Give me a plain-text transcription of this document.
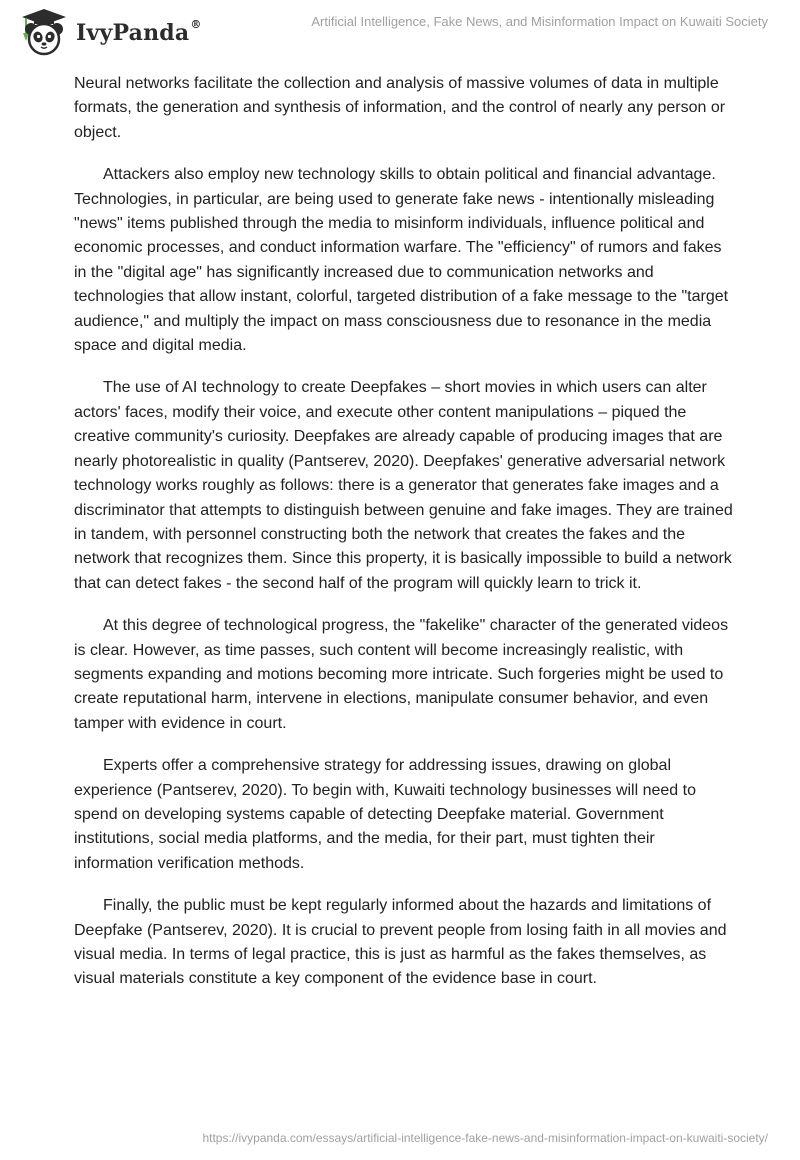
IvyPanda®	Artificial Intelligence, Fake News, and Misinformation Impact on Kuwaiti Society

Neural networks facilitate the collection and analysis of massive volumes of data in multiple formats, the generation and synthesis of information, and the control of nearly any person or object.

Attackers also employ new technology skills to obtain political and financial advantage. Technologies, in particular, are being used to generate fake news - intentionally misleading "news" items published through the media to misinform individuals, influence political and economic processes, and conduct information warfare. The "efficiency" of rumors and fakes in the "digital age" has significantly increased due to communication networks and technologies that allow instant, colorful, targeted distribution of a fake message to the "target audience," and multiply the impact on mass consciousness due to resonance in the media space and digital media.

The use of AI technology to create Deepfakes – short movies in which users can alter actors' faces, modify their voice, and execute other content manipulations – piqued the creative community's curiosity. Deepfakes are already capable of producing images that are nearly photorealistic in quality (Pantserev, 2020). Deepfakes' generative adversarial network technology works roughly as follows: there is a generator that generates fake images and a discriminator that attempts to distinguish between genuine and fake images. They are trained in tandem, with personnel constructing both the network that creates the fakes and the network that recognizes them. Since this property, it is basically impossible to build a network that can detect fakes - the second half of the program will quickly learn to trick it.

At this degree of technological progress, the "fakelike" character of the generated videos is clear. However, as time passes, such content will become increasingly realistic, with segments expanding and motions becoming more intricate. Such forgeries might be used to create reputational harm, intervene in elections, manipulate consumer behavior, and even tamper with evidence in court.

Experts offer a comprehensive strategy for addressing issues, drawing on global experience (Pantserev, 2020). To begin with, Kuwaiti technology businesses will need to spend on developing systems capable of detecting Deepfake material. Government institutions, social media platforms, and the media, for their part, must tighten their information verification methods.

Finally, the public must be kept regularly informed about the hazards and limitations of Deepfake (Pantserev, 2020). It is crucial to prevent people from losing faith in all movies and visual media. In terms of legal practice, this is just as harmful as the fakes themselves, as visual materials constitute a key component of the evidence base in court.

https://ivypanda.com/essays/artificial-intelligence-fake-news-and-misinformation-impact-on-kuwaiti-society/
